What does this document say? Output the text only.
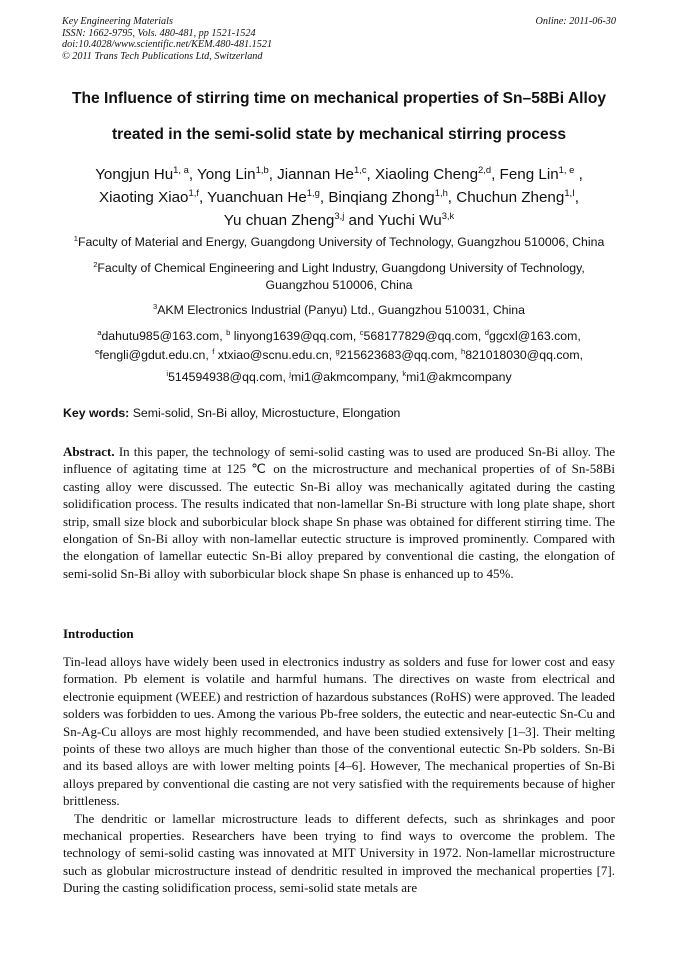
Key Engineering Materials
ISSN: 1662-9795, Vols. 480-481, pp 1521-1524
doi:10.4028/www.scientific.net/KEM.480-481.1521
© 2011 Trans Tech Publications Ltd, Switzerland
Online: 2011-06-30
The Influence of stirring time on mechanical properties of Sn–58Bi Alloy
treated in the semi-solid state by mechanical stirring process
Yongjun Hu$^{1, a}$, Yong Lin$^{1,b}$, Jiannan He$^{1,c}$, Xiaoling Cheng$^{2,d}$, Feng Lin$^{1, e}$ ,
Xiaoting Xiao$^{1,f}$, Yuanchuan He$^{1,g}$, Binqiang Zhong$^{1,h}$, Chuchun Zheng$^{1,I}$,
Yu chuan Zheng$^{3,j}$ and Yuchi Wu$^{3,k}$
$^1$Faculty of Material and Energy, Guangdong University of Technology, Guangzhou 510006, China
$^2$Faculty of Chemical Engineering and Light Industry, Guangdong University of Technology,
Guangzhou 510006, China
$^3$AKM Electronics Industrial (Panyu) Ltd., Guangzhou 510031, China
$^a$dahutu985@163.com, $^b$ linyong1639@qq.com, $^c$568177829@qq.com, $^d$ggcxl@163.com,
$^e$fengli@gdut.edu.cn, $^f$ xtxiao@scnu.edu.cn, $^g$215623683@qq.com, $^h$821018030@qq.com,
$^i$514594938@qq.com, $^j$mi1@akmcompany, $^k$mi1@akmcompany
Key words: Semi-solid, Sn-Bi alloy, Microstucture, Elongation
Abstract. In this paper, the technology of semi-solid casting was to used are produced Sn-Bi alloy. The influence of agitating time at 125 ℃ on the microstructure and mechanical properties of of Sn-58Bi casting alloy were discussed. The eutectic Sn-Bi alloy was mechanically agitated during the casting solidification process. The results indicated that non-lamellar Sn-Bi structure with long plate shape, short strip, small size block and suborbicular block shape Sn phase was obtained for different stirring time. The elongation of Sn-Bi alloy with non-lamellar eutectic structure is improved prominently. Compared with the elongation of lamellar eutectic Sn-Bi alloy prepared by conventional die casting, the elongation of semi-solid Sn-Bi alloy with suborbicular block shape Sn phase is enhanced up to 45%.
Introduction
Tin-lead alloys have widely been used in electronics industry as solders and fuse for lower cost and easy formation. Pb element is volatile and harmful humans. The directives on waste from electrical and electronie equipment (WEEE) and restriction of hazardous substances (RoHS) were approved. The leaded solders was forbidden to ues. Among the various Pb-free solders, the eutectic and near-eutectic Sn-Cu and Sn-Ag-Cu alloys are most highly recommended, and have been studied extensively [1–3]. Their melting points of these two alloys are much higher than those of the conventional eutectic Sn-Pb solders. Sn-Bi and its based alloys are with lower melting points [4–6]. However, The mechanical properties of Sn-Bi alloys prepared by conventional die casting are not very satisfied with the requirements because of higher brittleness.
The dendritic or lamellar microstructure leads to different defects, such as shrinkages and poor mechanical properties. Researchers have been trying to find ways to overcome the problem. The technology of semi-solid casting was innovated at MIT University in 1972. Non-lamellar microstructure such as globular microstructure instead of dendritic resulted in improved the mechanical properties [7]. During the casting solidification process, semi-solid state metals are
